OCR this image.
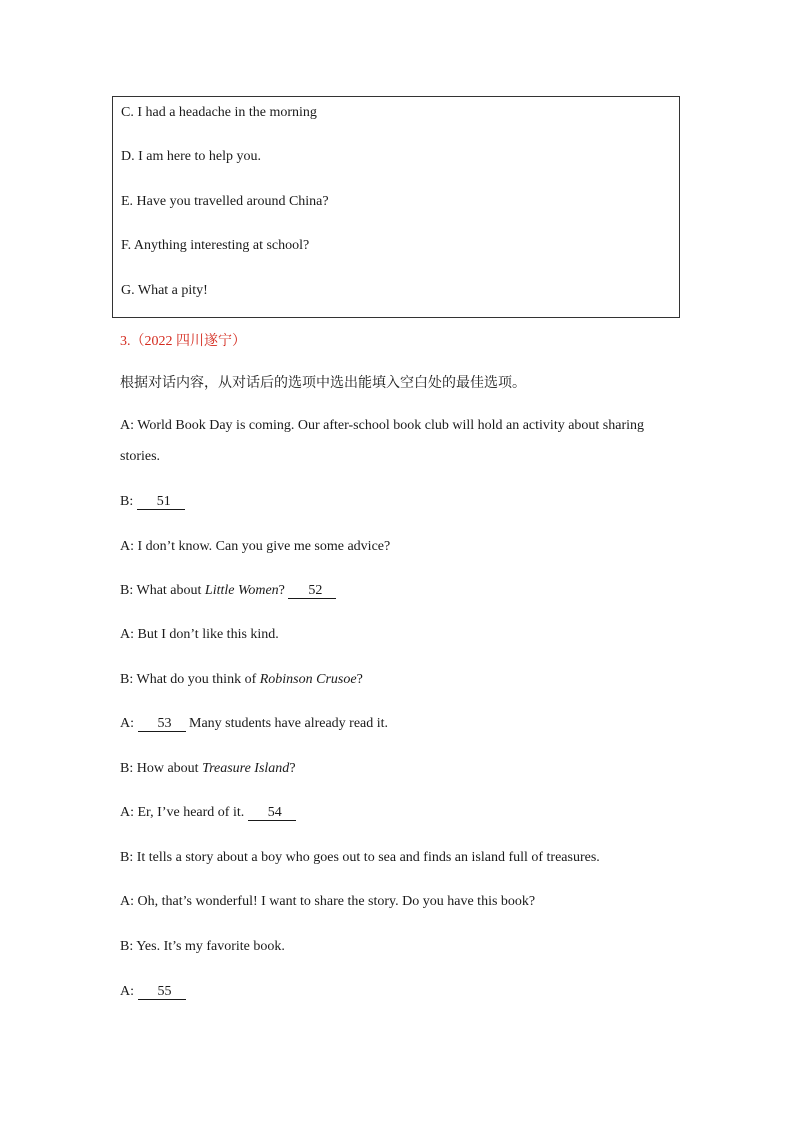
C. I had a headache in the morning
D. I am here to help you.
E. Have you travelled around China?
F. Anything interesting at school?
G. What a pity!
3.（2022 四川遂宁）
根据对话内容，从对话后的选项中选出能填入空白处的最佳选项。
A: World Book Day is coming. Our after-school book club will hold an activity about sharing
stories.
B: 51
A: I don’t know. Can you give me some advice?
B: What about Little Women? 52
A: But I don’t like this kind.
B: What do you think of Robinson Crusoe?
A: 53 Many students have already read it.
B: How about Treasure Island?
A: Er, I’ve heard of it. 54
B: It tells a story about a boy who goes out to sea and finds an island full of treasures.
A: Oh, that’s wonderful! I want to share the story. Do you have this book?
B: Yes. It’s my favorite book.
A: 55
